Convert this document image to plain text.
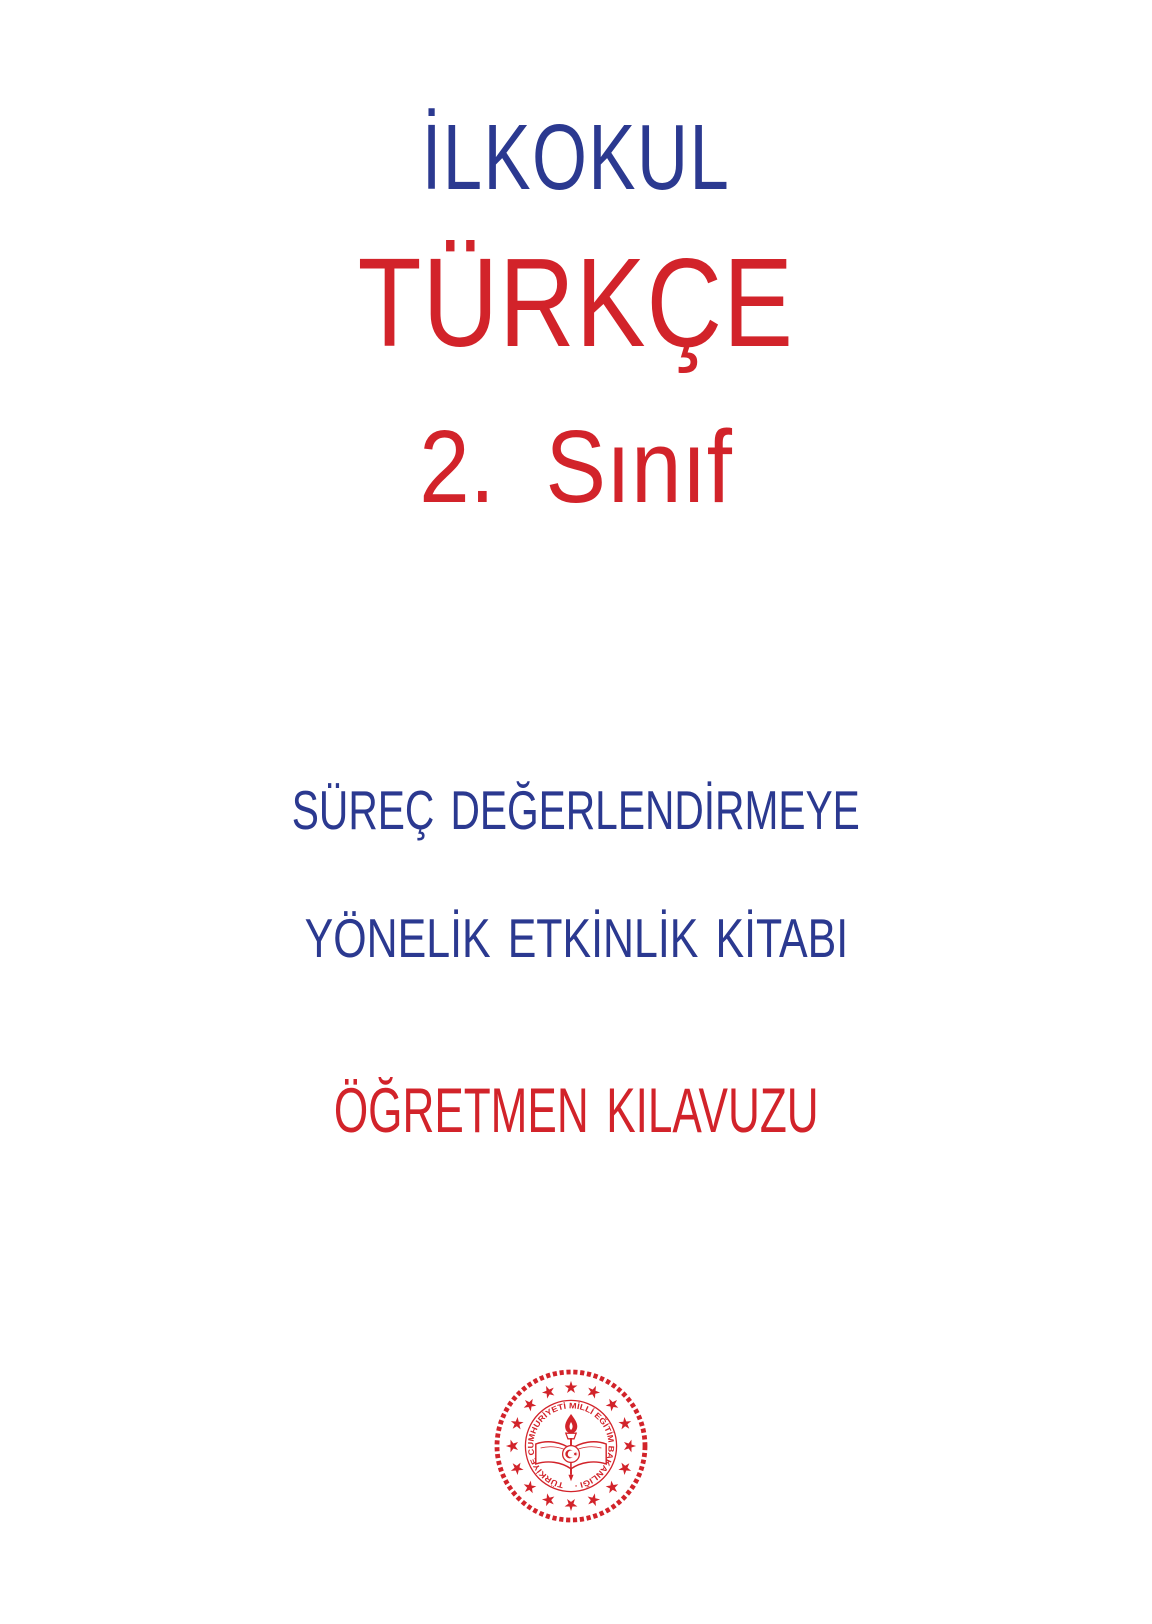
İLKOKUL
TÜRKÇE
2. Sınıf
SÜREÇ DEĞERLENDİRMEYE
YÖNELİK ETKİNLİK KİTABI
ÖĞRETMEN KILAVUZU
TÜRKİYE CUMHURİYETİ MİLLİ EĞİTİM BAKANLIĞI ·
